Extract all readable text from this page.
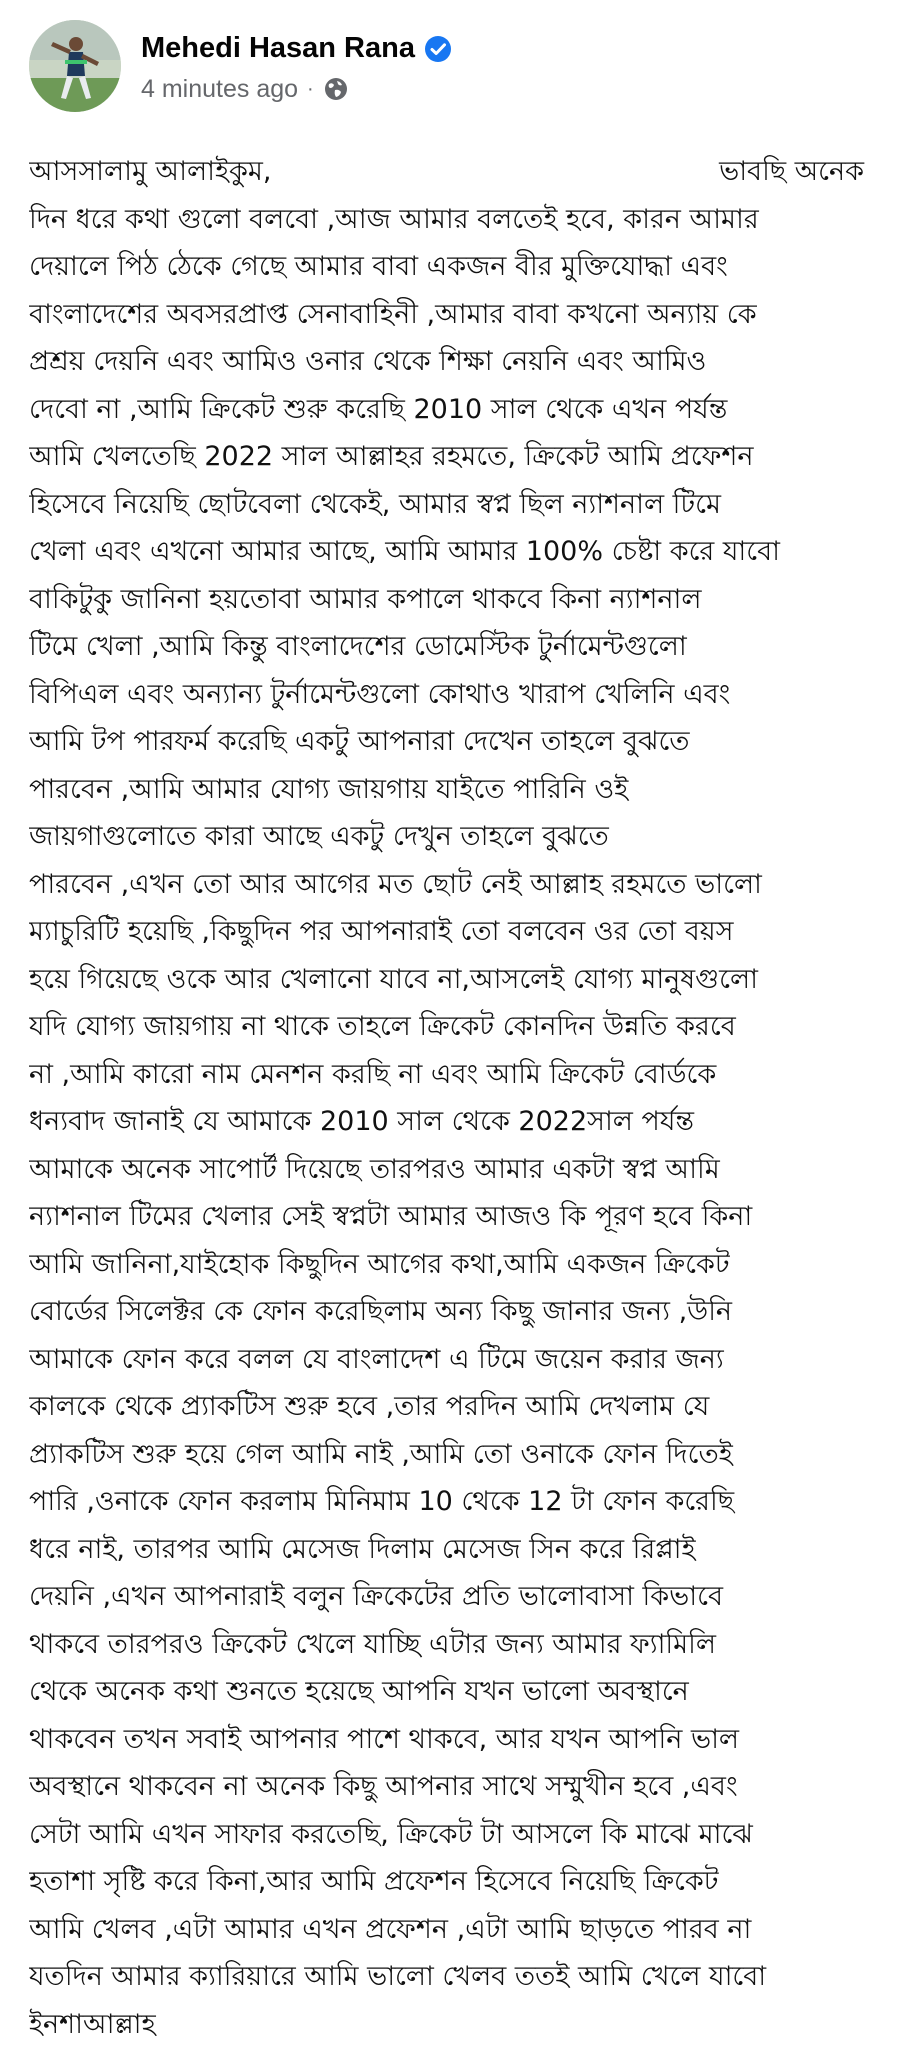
Mehedi Hasan Rana
4 minutes ago ·
আসসালামু আলাইকুম,	ভাবছি অনেক
দিন ধরে কথা গুলো বলবো ,আজ আমার বলতেই হবে, কারন আমার
দেয়ালে পিঠ ঠেকে গেছে আমার বাবা একজন বীর মুক্তিযোদ্ধা এবং
বাংলাদেশের অবসরপ্রাপ্ত সেনাবাহিনী ,আমার বাবা কখনো অন্যায় কে
প্রশ্রয় দেয়নি এবং আমিও ওনার থেকে শিক্ষা নেয়নি এবং আমিও
দেবো না ,আমি ক্রিকেট শুরু করেছি 2010 সাল থেকে এখন পর্যন্ত
আমি খেলতেছি 2022 সাল আল্লাহর রহমতে, ক্রিকেট আমি প্রফেশন
হিসেবে নিয়েছি ছোটবেলা থেকেই, আমার স্বপ্ন ছিল ন্যাশনাল টিমে
খেলা এবং এখনো আমার আছে, আমি আমার 100% চেষ্টা করে যাবো
বাকিটুকু জানিনা হয়তোবা আমার কপালে থাকবে কিনা ন্যাশনাল
টিমে খেলা ,আমি কিন্তু বাংলাদেশের ডোমেস্টিক টুর্নামেন্টগুলো
বিপিএল এবং অন্যান্য টুর্নামেন্টগুলো কোথাও খারাপ খেলিনি এবং
আমি টপ পারফর্ম করেছি একটু আপনারা দেখেন তাহলে বুঝতে
পারবেন ,আমি আমার যোগ্য জায়গায় যাইতে পারিনি ওই
জায়গাগুলোতে কারা আছে একটু দেখুন তাহলে বুঝতে
পারবেন ,এখন তো আর আগের মত ছোট নেই আল্লাহ রহমতে ভালো
ম্যাচুরিটি হয়েছি ,কিছুদিন পর আপনারাই তো বলবেন ওর তো বয়স
হয়ে গিয়েছে ওকে আর খেলানো যাবে না,আসলেই যোগ্য মানুষগুলো
যদি যোগ্য জায়গায় না থাকে তাহলে ক্রিকেট কোনদিন উন্নতি করবে
না ,আমি কারো নাম মেনশন করছি না এবং আমি ক্রিকেট বোর্ডকে
ধন্যবাদ জানাই যে আমাকে 2010 সাল থেকে 2022সাল পর্যন্ত
আমাকে অনেক সাপোর্ট দিয়েছে তারপরও আমার একটা স্বপ্ন আমি
ন্যাশনাল টিমের খেলার সেই স্বপ্নটা আমার আজও কি পূরণ হবে কিনা
আমি জানিনা,যাইহোক কিছুদিন আগের কথা,আমি একজন ক্রিকেট
বোর্ডের সিলেক্টর কে ফোন করেছিলাম অন্য কিছু জানার জন্য ,উনি
আমাকে ফোন করে বলল যে বাংলাদেশ এ টিমে জয়েন করার জন্য
কালকে থেকে প্র্যাকটিস শুরু হবে ,তার পরদিন আমি দেখলাম যে
প্র্যাকটিস শুরু হয়ে গেল আমি নাই ,আমি তো ওনাকে ফোন দিতেই
পারি ,ওনাকে ফোন করলাম মিনিমাম 10 থেকে 12 টা ফোন করেছি
ধরে নাই, তারপর আমি মেসেজ দিলাম মেসেজ সিন করে রিপ্লাই
দেয়নি ,এখন আপনারাই বলুন ক্রিকেটের প্রতি ভালোবাসা কিভাবে
থাকবে তারপরও ক্রিকেট খেলে যাচ্ছি এটার জন্য আমার ফ্যামিলি
থেকে অনেক কথা শুনতে হয়েছে আপনি যখন ভালো অবস্থানে
থাকবেন তখন সবাই আপনার পাশে থাকবে, আর যখন আপনি ভাল
অবস্থানে থাকবেন না অনেক কিছু আপনার সাথে সম্মুখীন হবে ,এবং
সেটা আমি এখন সাফার করতেছি, ক্রিকেট টা আসলে কি মাঝে মাঝে
হতাশা সৃষ্টি করে কিনা,আর আমি প্রফেশন হিসেবে নিয়েছি ক্রিকেট
আমি খেলব ,এটা আমার এখন প্রফেশন ,এটা আমি ছাড়তে পারব না
যতদিন আমার ক্যারিয়ারে আমি ভালো খেলব ততই আমি খেলে যাবো
ইনশাআল্লাহ
